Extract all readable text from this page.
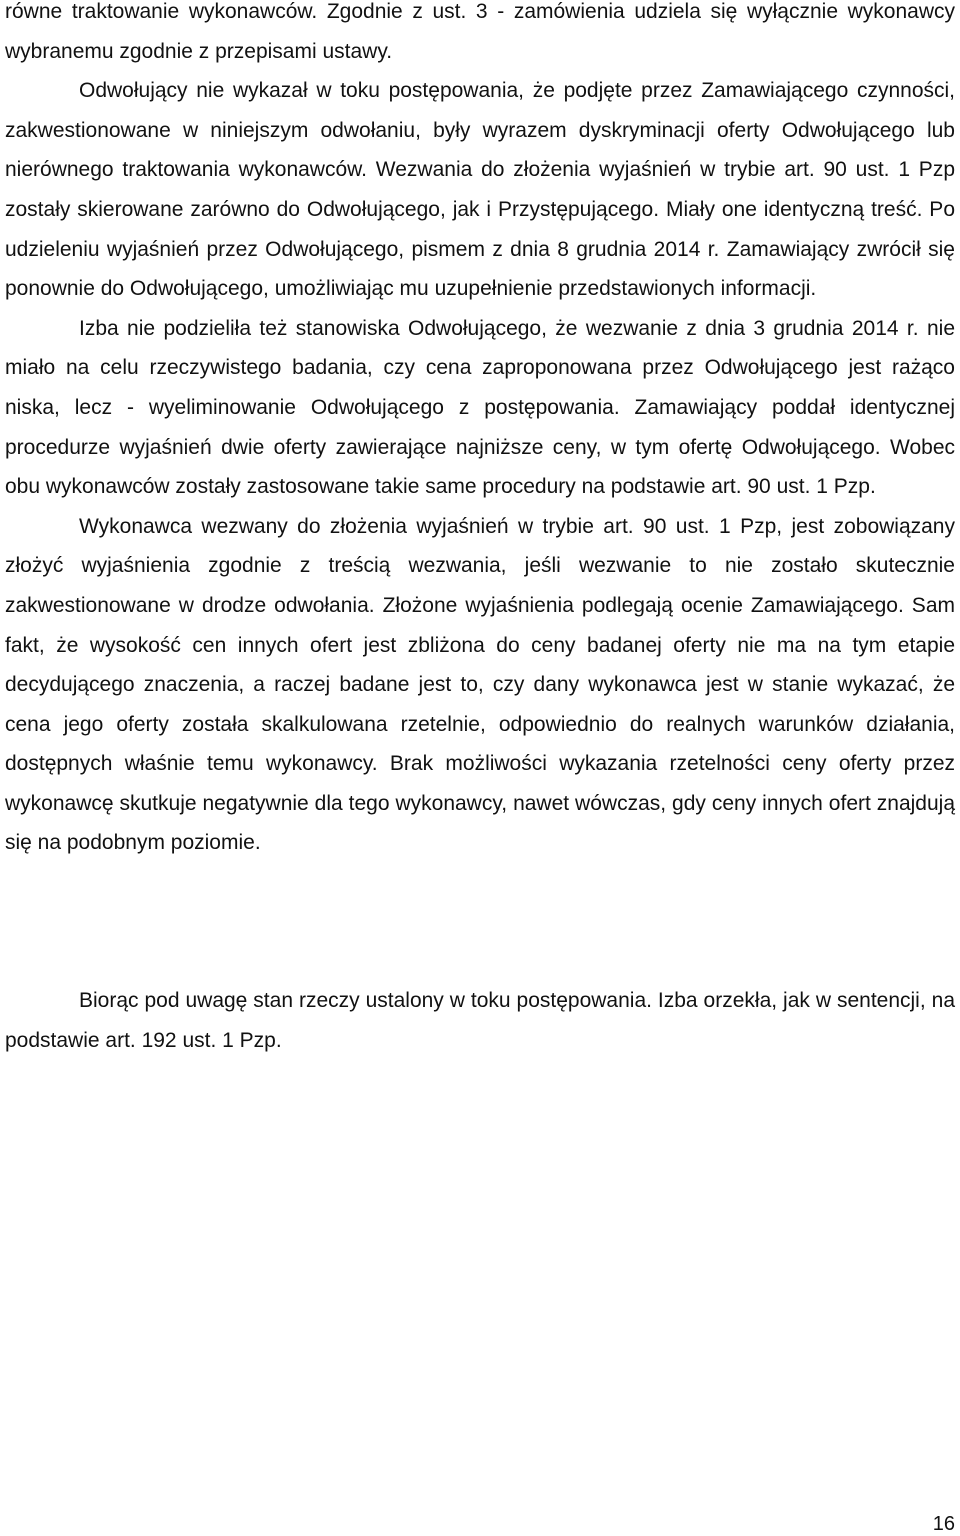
równe traktowanie wykonawców. Zgodnie z ust. 3 - zamówienia udziela się wyłącznie wykonawcy wybranemu zgodnie z przepisami ustawy.

Odwołujący nie wykazał w toku postępowania, że podjęte przez Zamawiającego czynności, zakwestionowane w niniejszym odwołaniu, były wyrazem dyskryminacji oferty Odwołującego lub nierównego traktowania wykonawców. Wezwania do złożenia wyjaśnień w trybie art. 90 ust. 1 Pzp zostały skierowane zarówno do Odwołującego, jak i Przystępującego. Miały one identyczną treść. Po udzieleniu wyjaśnień przez Odwołującego, pismem z dnia 8 grudnia 2014 r. Zamawiający zwrócił się ponownie do Odwołującego, umożliwiając mu uzupełnienie przedstawionych informacji.

Izba nie podzieliła też stanowiska Odwołującego, że wezwanie z dnia 3 grudnia 2014 r. nie miało na celu rzeczywistego badania, czy cena zaproponowana przez Odwołującego jest rażąco niska, lecz - wyeliminowanie Odwołującego z postępowania. Zamawiający poddał identycznej procedurze wyjaśnień dwie oferty zawierające najniższe ceny, w tym ofertę Odwołującego. Wobec obu wykonawców zostały zastosowane takie same procedury na podstawie art. 90 ust. 1 Pzp.

Wykonawca wezwany do złożenia wyjaśnień w trybie art. 90 ust. 1 Pzp, jest zobowiązany złożyć wyjaśnienia zgodnie z treścią wezwania, jeśli wezwanie to nie zostało skutecznie zakwestionowane w drodze odwołania. Złożone wyjaśnienia podlegają ocenie Zamawiającego. Sam fakt, że wysokość cen innych ofert jest zbliżona do ceny badanej oferty nie ma na tym etapie decydującego znaczenia, a raczej badane jest to, czy dany wykonawca jest w stanie wykazać, że cena jego oferty została skalkulowana rzetelnie, odpowiednio do realnych warunków działania, dostępnych właśnie temu wykonawcy. Brak możliwości wykazania rzetelności ceny oferty przez wykonawcę skutkuje negatywnie dla tego wykonawcy, nawet wówczas, gdy ceny innych ofert znajdują się na podobnym poziomie.

Biorąc pod uwagę stan rzeczy ustalony w toku postępowania. Izba orzekła, jak w sentencji, na podstawie art. 192 ust. 1 Pzp.

16
